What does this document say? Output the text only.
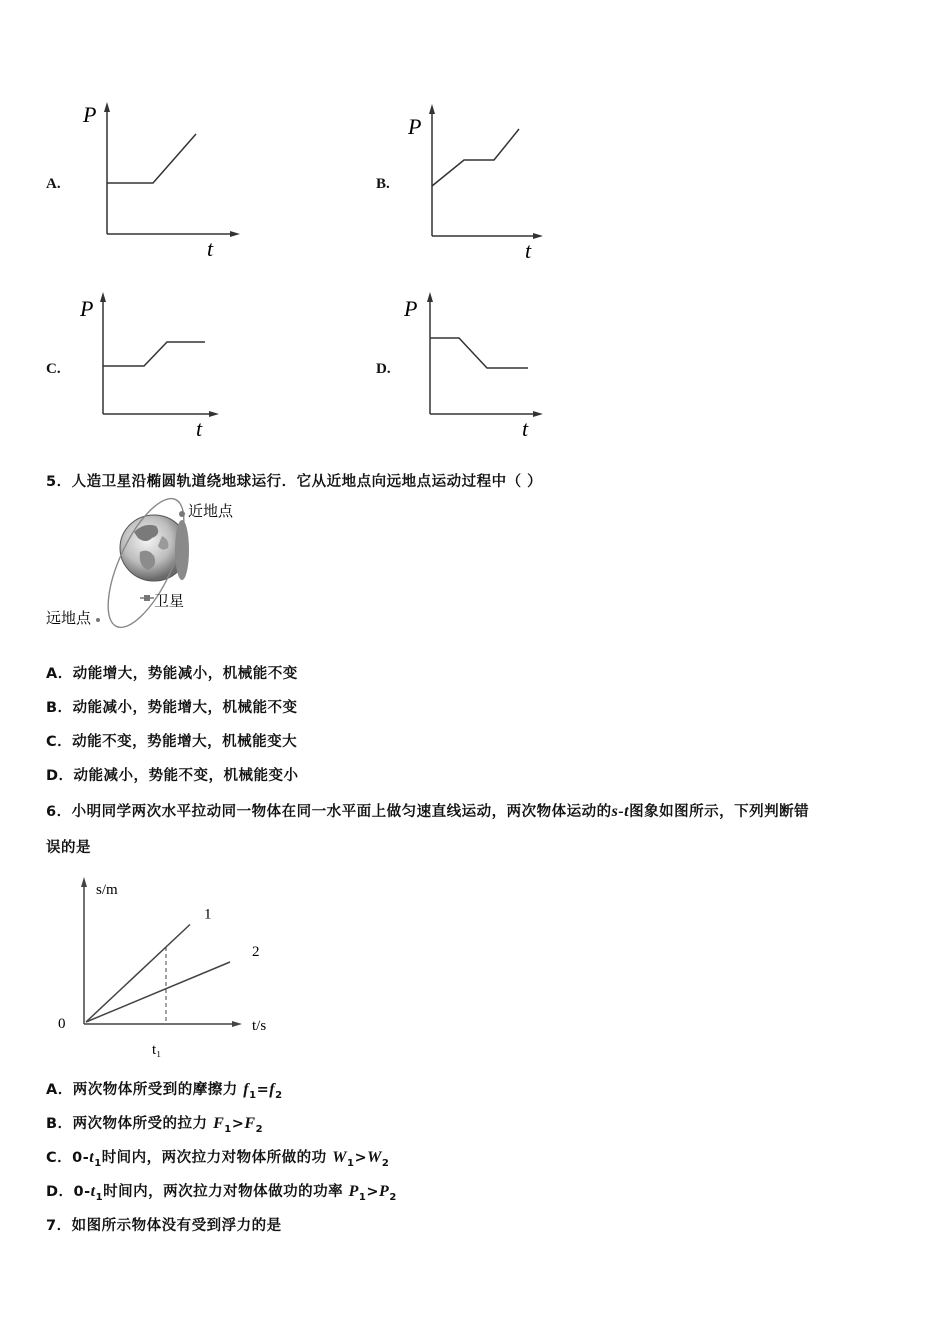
A.
P
t
B.
P
t
C.
P
t
D.
P
t
5．人造卫星沿椭圆轨道绕地球运行．它从近地点向远地点运动过程中（ ）
近地点
卫星
远地点
A．动能增大，势能减小，机械能不变
B．动能减小，势能增大，机械能不变
C．动能不变，势能增大，机械能变大
D．动能减小，势能不变，机械能变小
6．小明同学两次水平拉动同一物体在同一水平面上做匀速直线运动，两次物体运动的s-t图象如图所示，下列判断错
误的是
s/m
t/s
0
t₁
1
2
A．两次物体所受到的摩擦力 $f_1=f_2$
B．两次物体所受的拉力 $F_1>F_2$
C．$0-t_1$时间内，两次拉力对物体所做的功 $W_1>W_2$
D．$0-t_1$时间内，两次拉力对物体做功的功率 $P_1>P_2$
7．如图所示物体没有受到浮力的是
